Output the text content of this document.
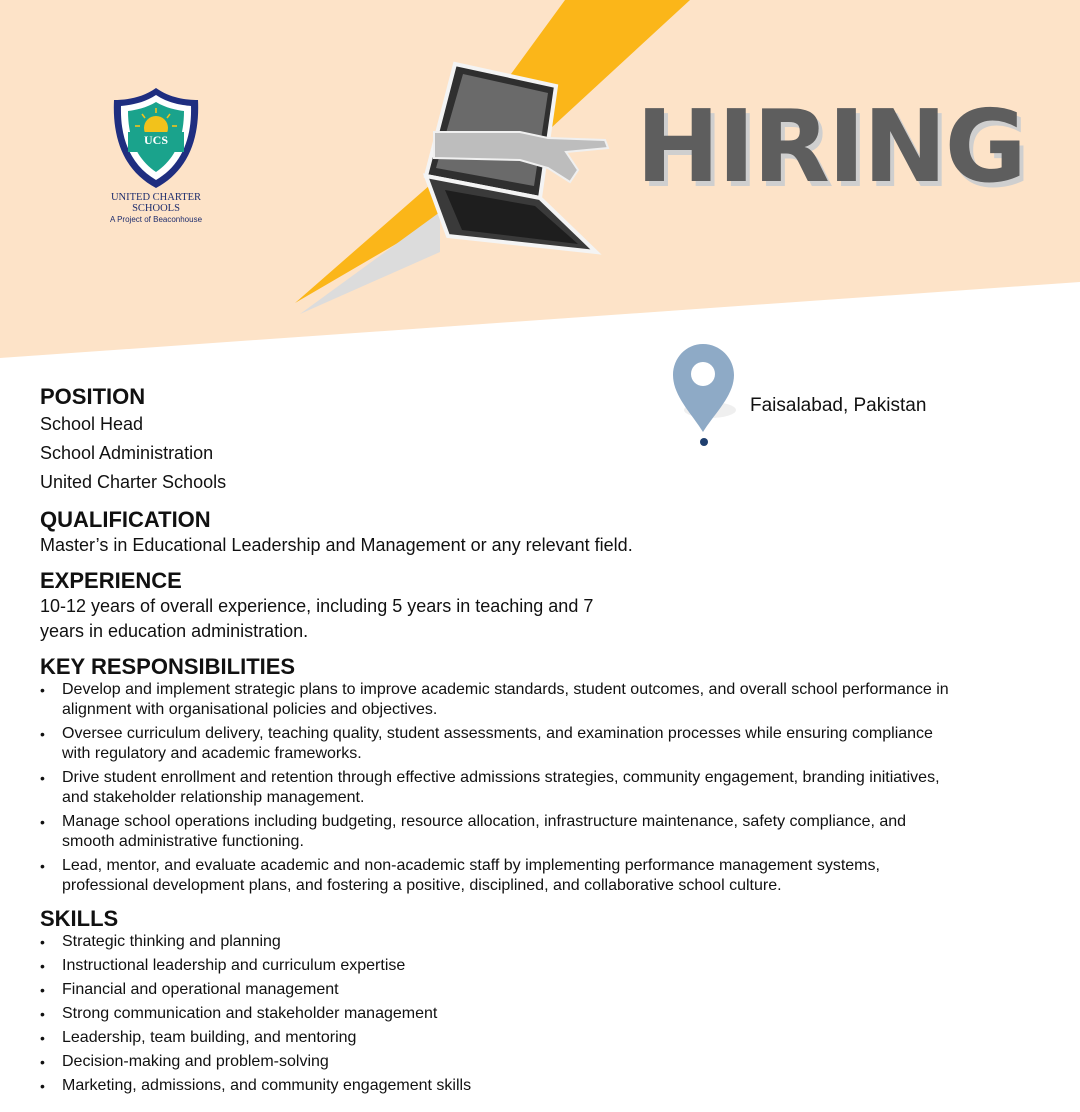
UCS
UNITED CHARTER SCHOOLS
A Project of Beaconhouse
HIRING
Faisalabad, Pakistan
POSITION
School Head
School Administration
United Charter Schools
QUALIFICATION
Master’s in Educational Leadership and Management or any relevant field.
EXPERIENCE
10-12 years of overall experience, including 5 years in teaching and 7 years in education administration.
KEY RESPONSIBILITIES
• Develop and implement strategic plans to improve academic standards, student outcomes, and overall school performance in alignment with organisational policies and objectives.
• Oversee curriculum delivery, teaching quality, student assessments, and examination processes while ensuring compliance with regulatory and academic frameworks.
• Drive student enrollment and retention through effective admissions strategies, community engagement, branding initiatives, and stakeholder relationship management.
• Manage school operations including budgeting, resource allocation, infrastructure maintenance, safety compliance, and smooth administrative functioning.
• Lead, mentor, and evaluate academic and non-academic staff by implementing performance management systems, professional development plans, and fostering a positive, disciplined, and collaborative school culture.
SKILLS
• Strategic thinking and planning
• Instructional leadership and curriculum expertise
• Financial and operational management
• Strong communication and stakeholder management
• Leadership, team building, and mentoring
• Decision-making and problem-solving
• Marketing, admissions, and community engagement skills
